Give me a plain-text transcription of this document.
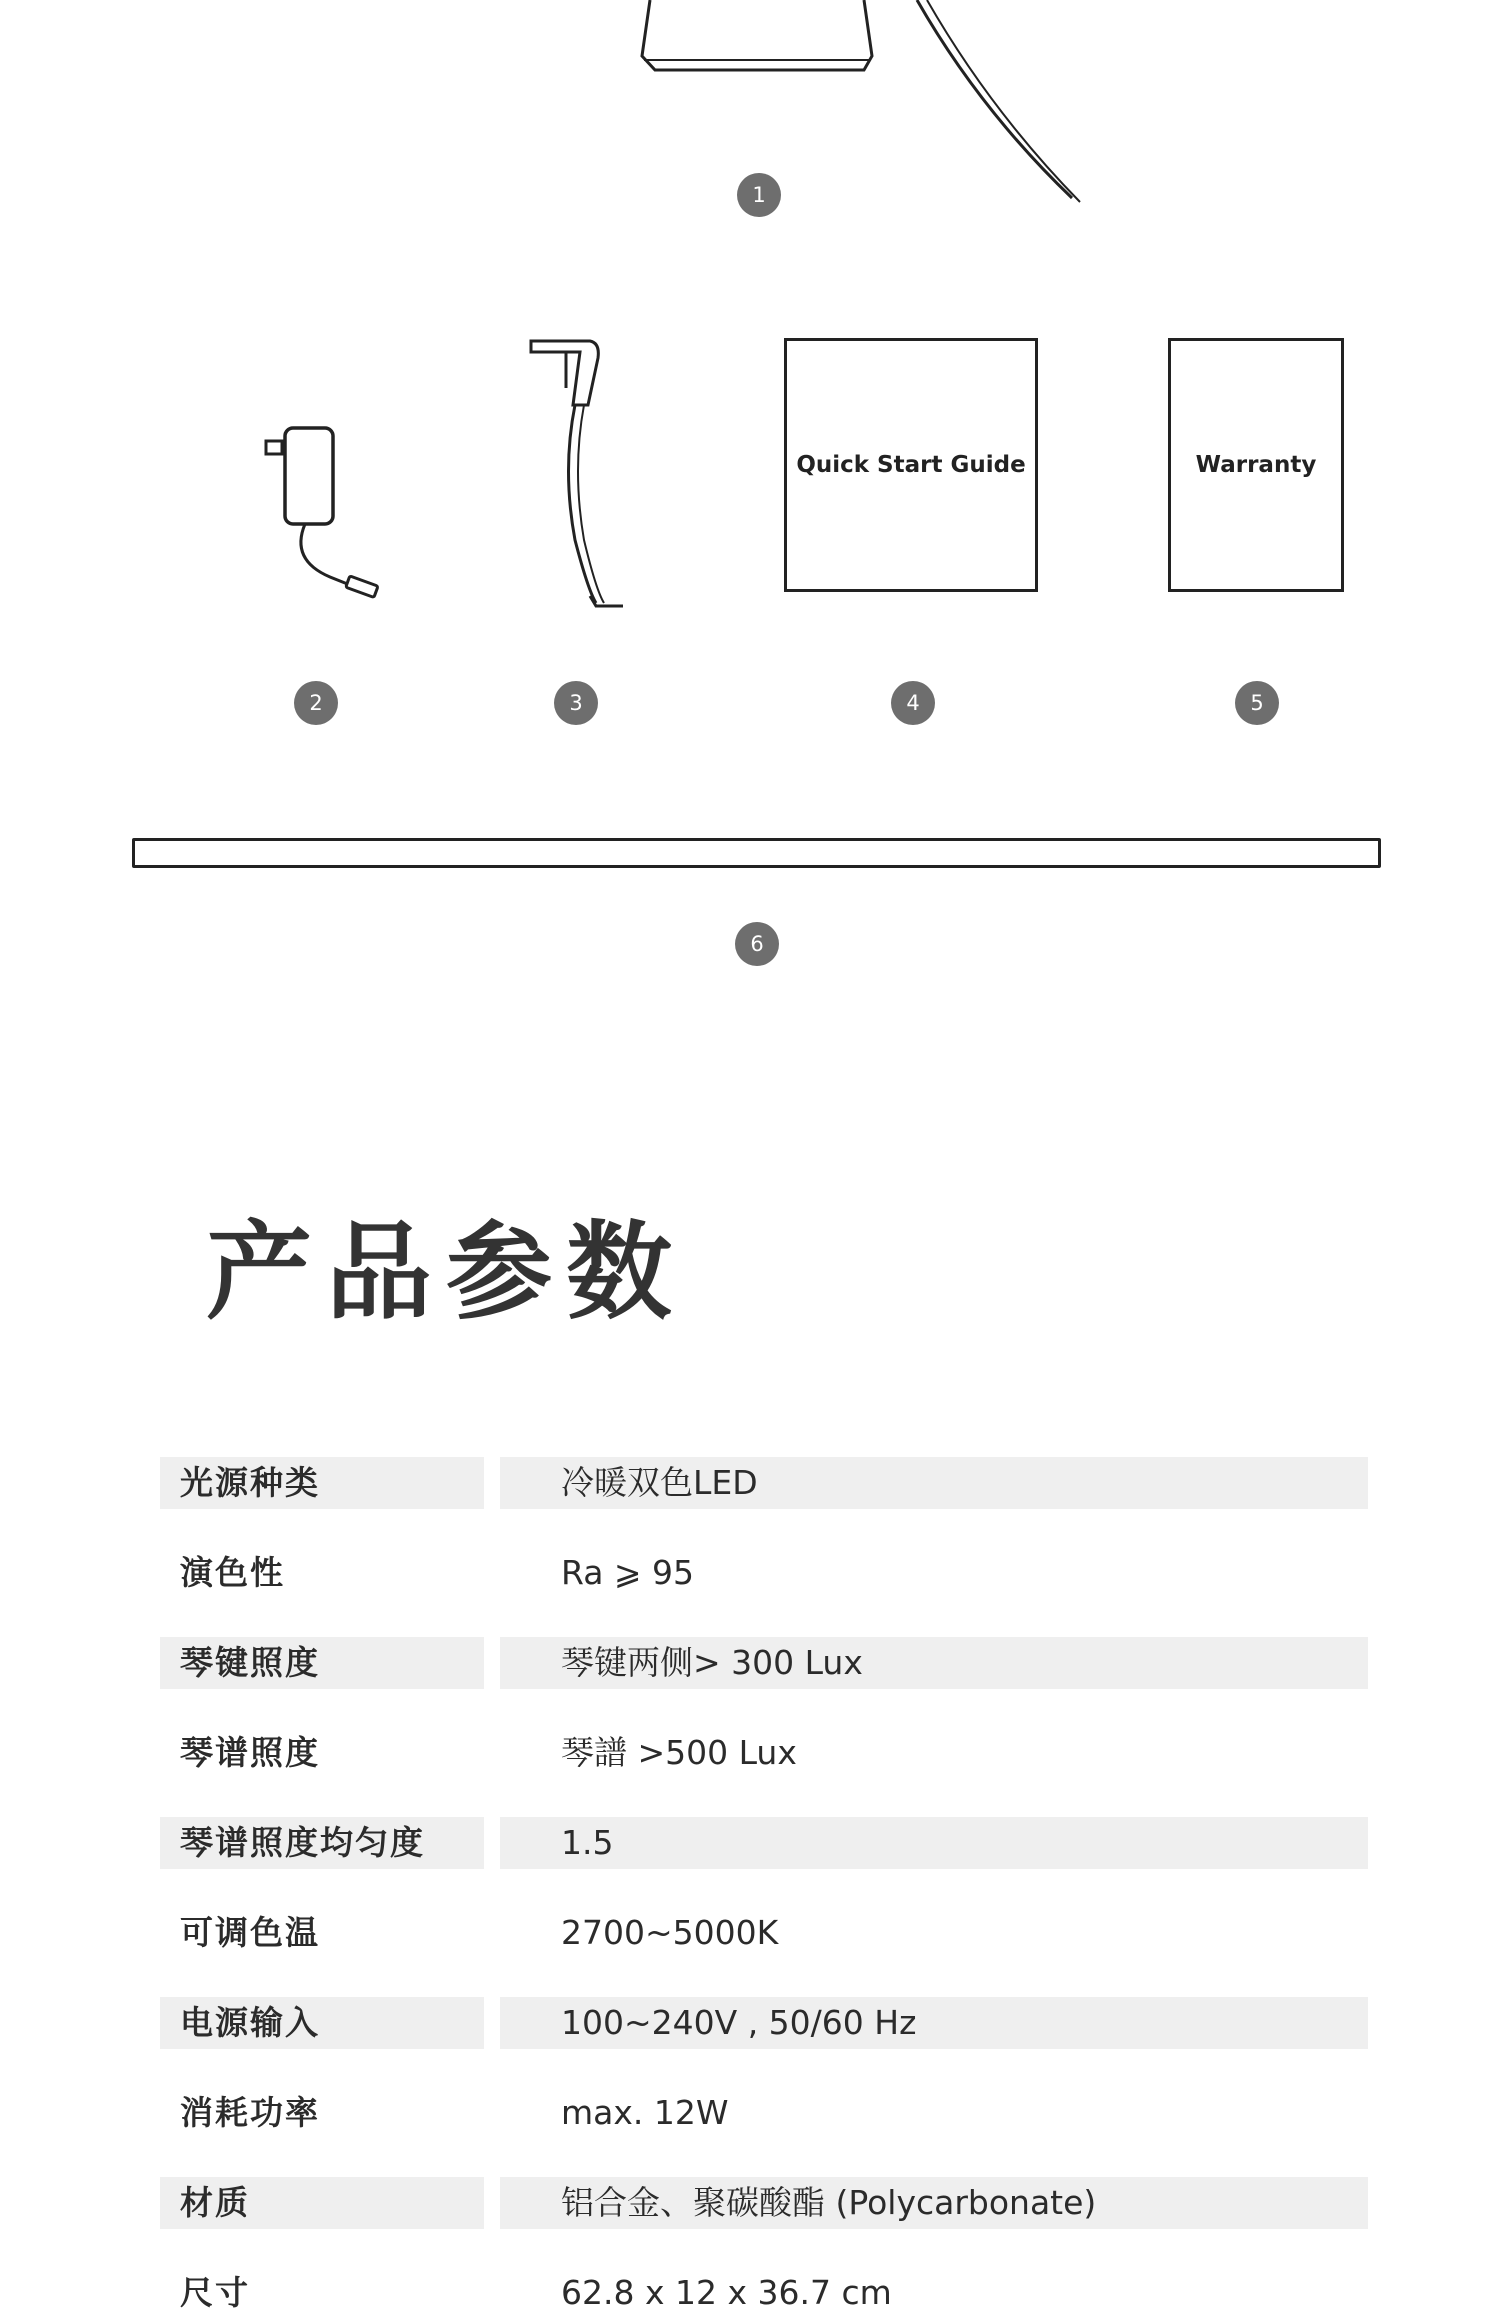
1
2	3
Quick Start Guide
4
Warranty
5
6
产品参数
光源种类	冷暖双色LED
演色性	Ra ⩾ 95
琴键照度	琴键两侧> 300 Lux
琴谱照度	琴譜 >500 Lux
琴谱照度均匀度	1.5
可调色温	2700~5000K
电源输入	100~240V , 50/60 Hz
消耗功率	max. 12W
材质	铝合金、聚碳酸酯 (Polycarbonate)
尺寸	62.8 x 12 x 36.7 cm
